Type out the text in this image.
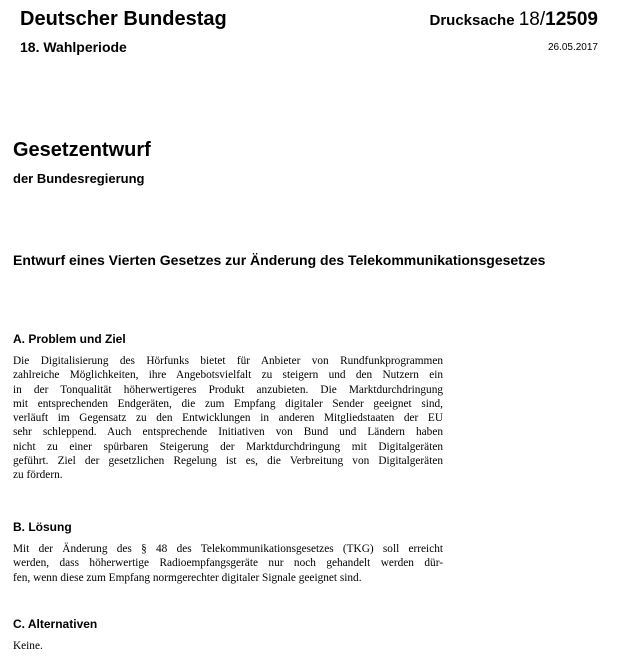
Deutscher Bundestag
18. Wahlperiode
Drucksache 18/12509
26.05.2017
Gesetzentwurf
der Bundesregierung
Entwurf eines Vierten Gesetzes zur Änderung des Telekommunikationsgesetzes
A. Problem und Ziel
Die Digitalisierung des Hörfunks bietet für Anbieter von Rundfunkprogrammen
zahlreiche Möglichkeiten, ihre Angebotsvielfalt zu steigern und den Nutzern ein
in der Tonqualität höherwertigeres Produkt anzubieten. Die Marktdurchdringung
mit entsprechenden Endgeräten, die zum Empfang digitaler Sender geeignet sind,
verläuft im Gegensatz zu den Entwicklungen in anderen Mitgliedstaaten der EU
sehr schleppend. Auch entsprechende Initiativen von Bund und Ländern haben
nicht zu einer spürbaren Steigerung der Marktdurchdringung mit Digitalgeräten
geführt. Ziel der gesetzlichen Regelung ist es, die Verbreitung von Digitalgeräten
zu fördern.
B. Lösung
Mit der Änderung des § 48 des Telekommunikationsgesetzes (TKG) soll erreicht
werden, dass höherwertige Radioempfangsgeräte nur noch gehandelt werden dür-
fen, wenn diese zum Empfang normgerechter digitaler Signale geeignet sind.
C. Alternativen
Keine.
